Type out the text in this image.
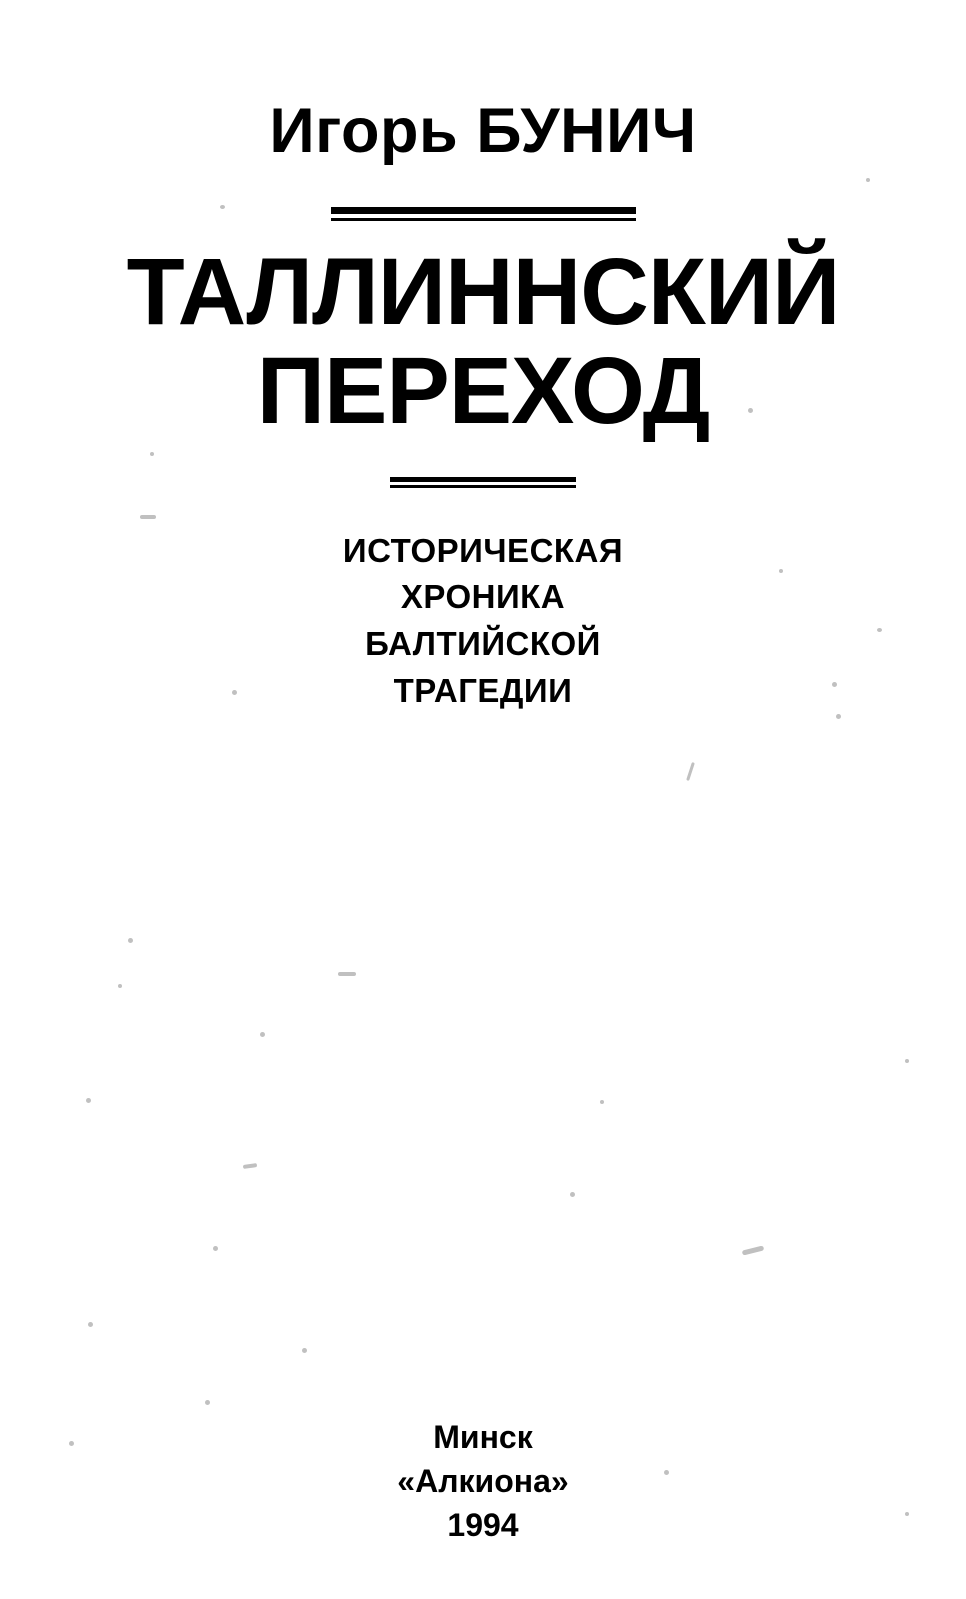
Игорь БУНИЧ
ТАЛЛИННСКИЙ
ПЕРЕХОД
ИСТОРИЧЕСКАЯ
ХРОНИКА
БАЛТИЙСКОЙ
ТРАГЕДИИ
Минск
«Алкиона»
1994
